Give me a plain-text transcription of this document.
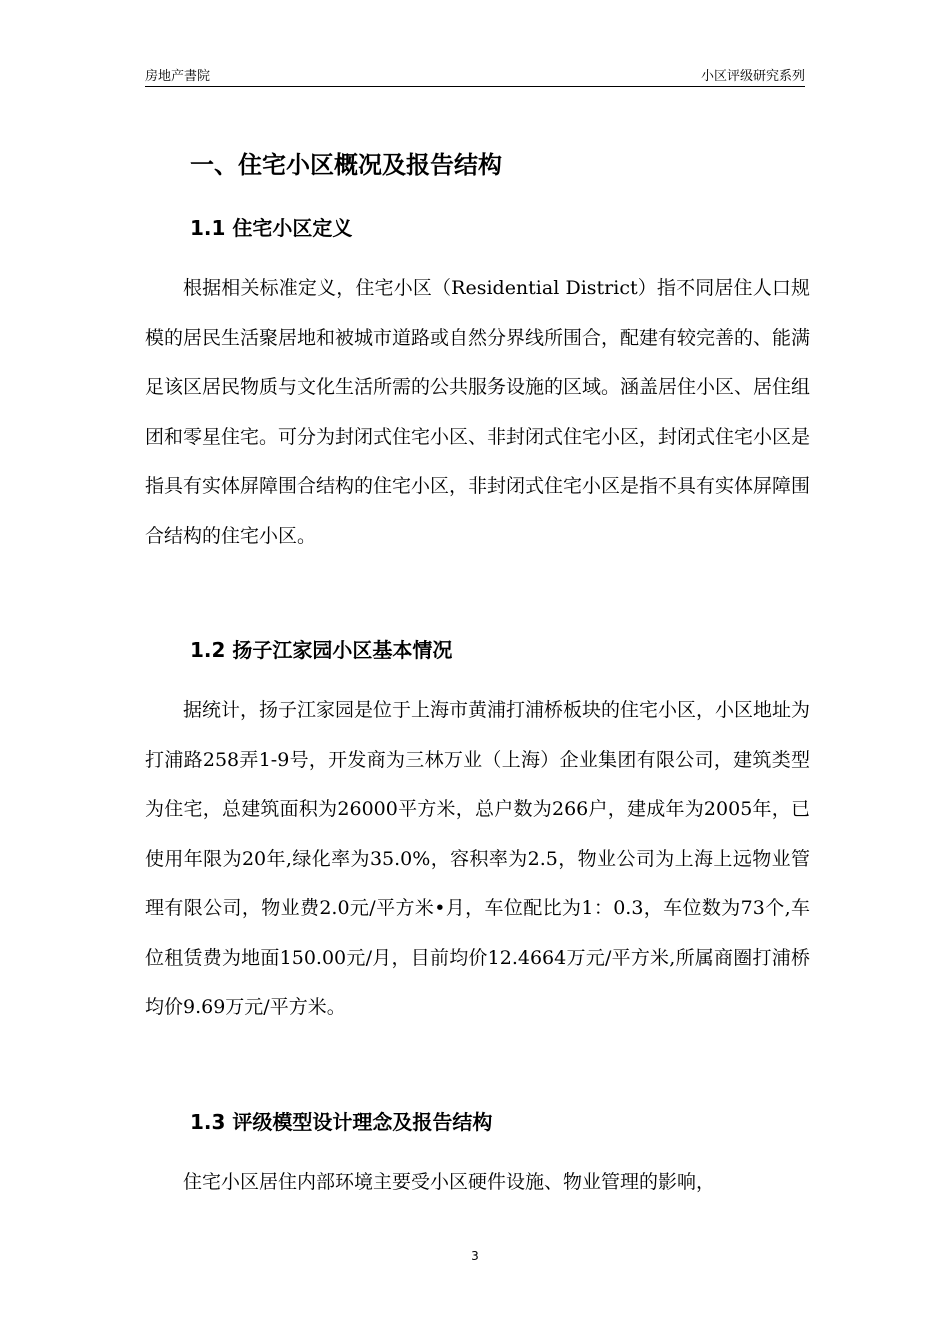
房地产書院	小区评级研究系列
一、住宅小区概况及报告结构
1.1 住宅小区定义

根据相关标准定义，住宅小区（Residential District）指不同居住人口规模的居民生活聚居地和被城市道路或自然分界线所围合，配建有较完善的、能满足该区居民物质与文化生活所需的公共服务设施的区域。涵盖居住小区、居住组团和零星住宅。可分为封闭式住宅小区、非封闭式住宅小区，封闭式住宅小区是指具有实体屏障围合结构的住宅小区，非封闭式住宅小区是指不具有实体屏障围合结构的住宅小区。

1.2 扬子江家园小区基本情况

据统计，扬子江家园是位于上海市黄浦打浦桥板块的住宅小区，小区地址为打浦路258弄1-9号，开发商为三林万业（上海）企业集团有限公司，建筑类型为住宅，总建筑面积为26000平方米，总户数为266户，建成年为2005年，已使用年限为20年,绿化率为35.0%，容积率为2.5，物业公司为上海上远物业管理有限公司，物业费2.0元/平方米•月，车位配比为1：0.3，车位数为73个,车位租赁费为地面150.00元/月，目前均价12.4664万元/平方米,所属商圈打浦桥均价9.69万元/平方米。

1.3 评级模型设计理念及报告结构

住宅小区居住内部环境主要受小区硬件设施、物业管理的影响，

3
